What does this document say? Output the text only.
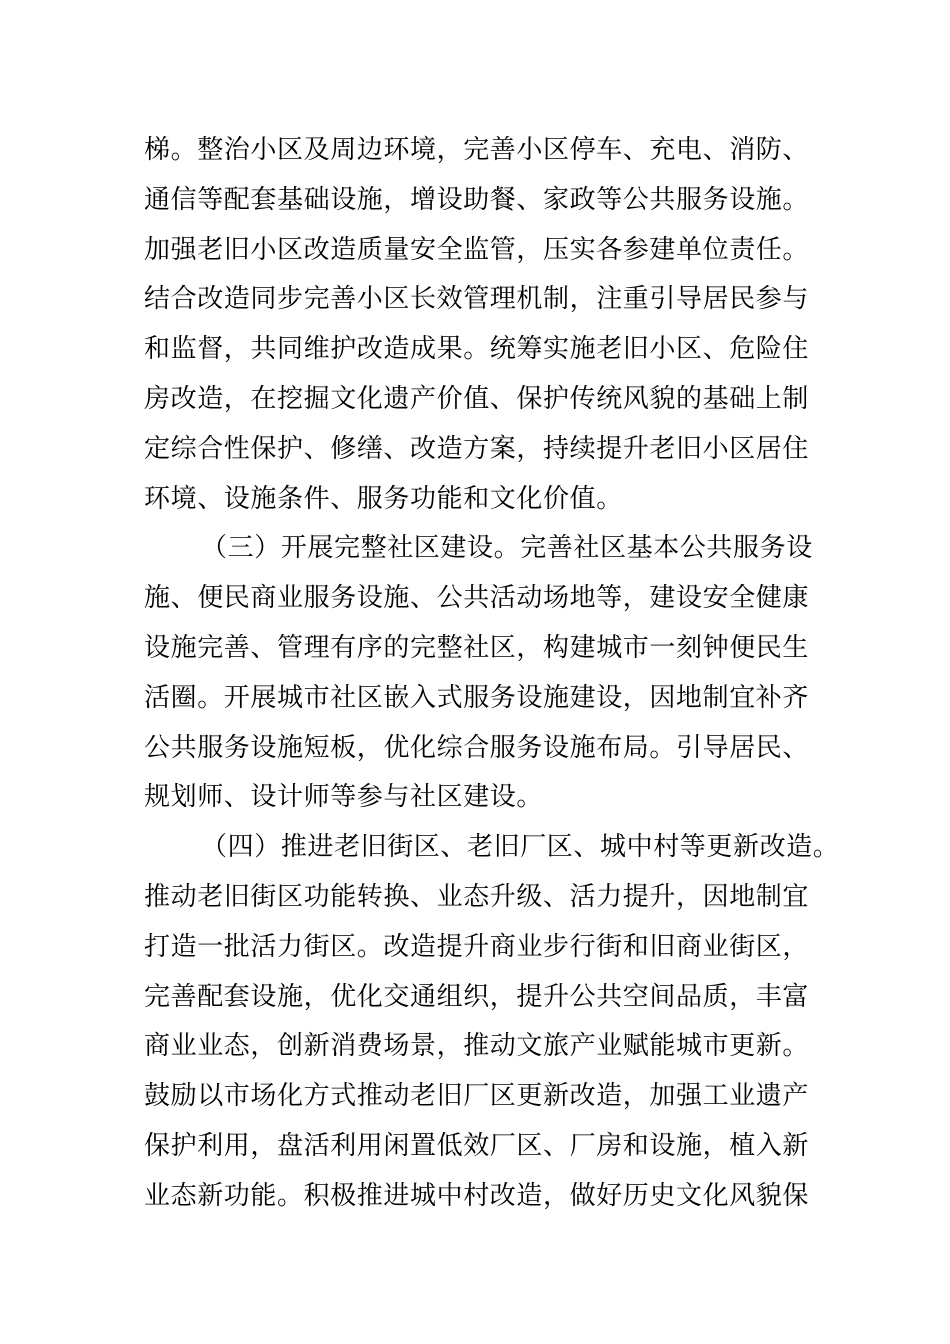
梯。整治小区及周边环境，完善小区停车、充电、消防、
通信等配套基础设施，增设助餐、家政等公共服务设施。
加强老旧小区改造质量安全监管，压实各参建单位责任。
结合改造同步完善小区长效管理机制，注重引导居民参与
和监督，共同维护改造成果。统筹实施老旧小区、危险住
房改造，在挖掘文化遗产价值、保护传统风貌的基础上制
定综合性保护、修缮、改造方案，持续提升老旧小区居住
环境、设施条件、服务功能和文化价值。
（三）开展完整社区建设。完善社区基本公共服务设
施、便民商业服务设施、公共活动场地等，建设安全健康
设施完善、管理有序的完整社区，构建城市一刻钟便民生
活圈。开展城市社区嵌入式服务设施建设，因地制宜补齐
公共服务设施短板，优化综合服务设施布局。引导居民、
规划师、设计师等参与社区建设。
（四）推进老旧街区、老旧厂区、城中村等更新改造。
推动老旧街区功能转换、业态升级、活力提升，因地制宜
打造一批活力街区。改造提升商业步行街和旧商业街区，
完善配套设施，优化交通组织，提升公共空间品质，丰富
商业业态，创新消费场景，推动文旅产业赋能城市更新。
鼓励以市场化方式推动老旧厂区更新改造，加强工业遗产
保护利用，盘活利用闲置低效厂区、厂房和设施，植入新
业态新功能。积极推进城中村改造，做好历史文化风貌保
